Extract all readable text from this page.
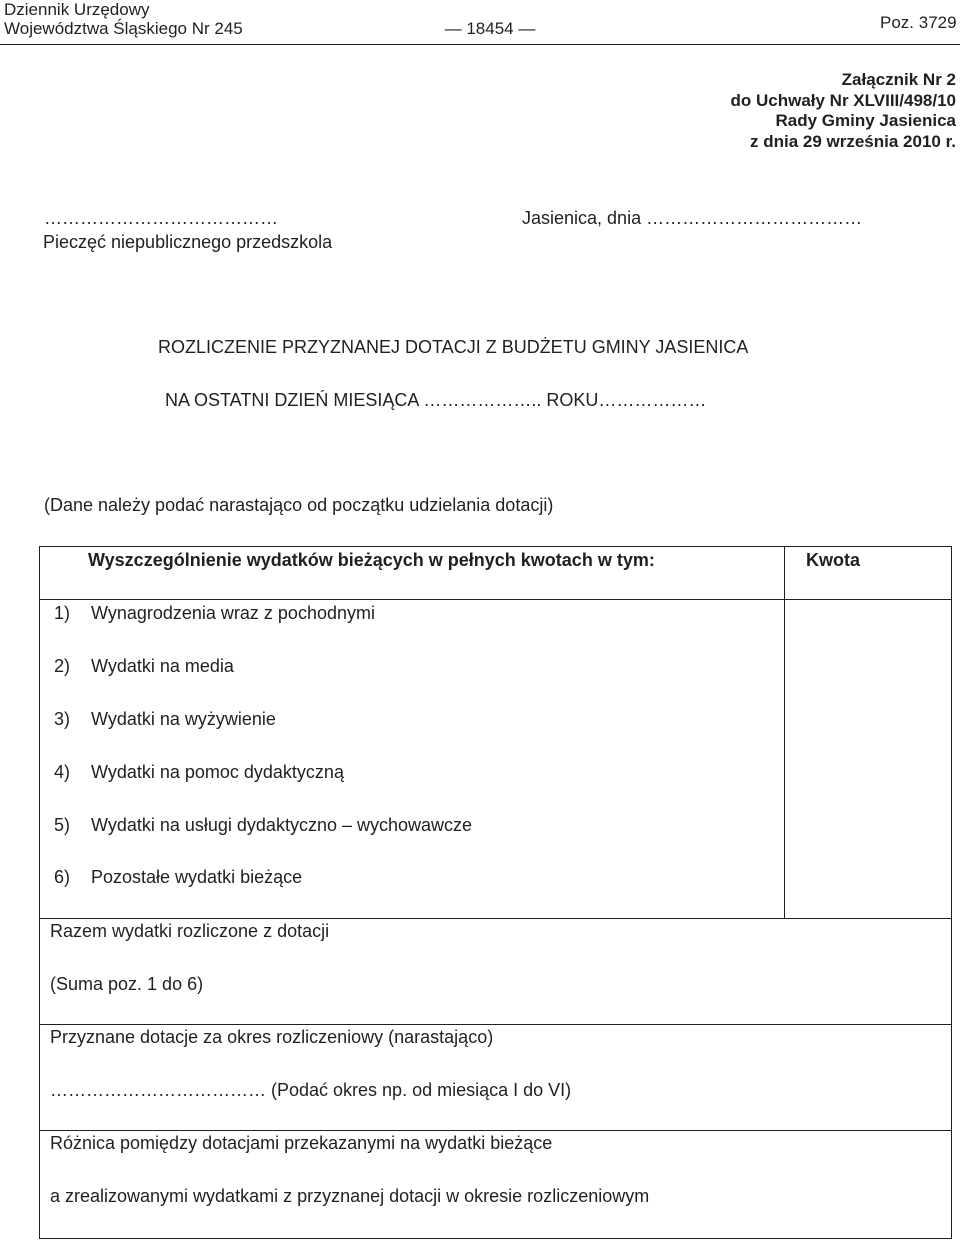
Dziennik Urzędowy
Województwa Śląskiego Nr 245	— 18454 —	Poz. 3729
Załącznik Nr 2
do Uchwały Nr XLVIII/498/10
Rady Gminy Jasienica
z dnia 29 września 2010 r.
…………………………………
Pieczęć niepublicznego przedszkola
Jasienica, dnia ………………………………
ROZLICZENIE PRZYZNANEJ DOTACJI Z BUDŻETU GMINY JASIENICA
NA OSTATNI DZIEŃ MIESIĄCA ……………….. ROKU………………
(Dane należy podać narastająco od początku udzielania dotacji)
Wyszczególnienie wydatków bieżących w pełnych kwotach w tym:	Kwota
1) Wynagrodzenia wraz z pochodnymi
2) Wydatki na media
3) Wydatki na wyżywienie
4) Wydatki na pomoc dydaktyczną
5) Wydatki na usługi dydaktyczno – wychowawcze
6) Pozostałe wydatki bieżące
Razem wydatki rozliczone z dotacji
(Suma poz. 1 do 6)
Przyznane dotacje za okres rozliczeniowy (narastająco)
……………………………… (Podać okres np. od miesiąca I do VI)
Różnica pomiędzy dotacjami przekazanymi na wydatki bieżące
a zrealizowanymi wydatkami z przyznanej dotacji w okresie rozliczeniowym
